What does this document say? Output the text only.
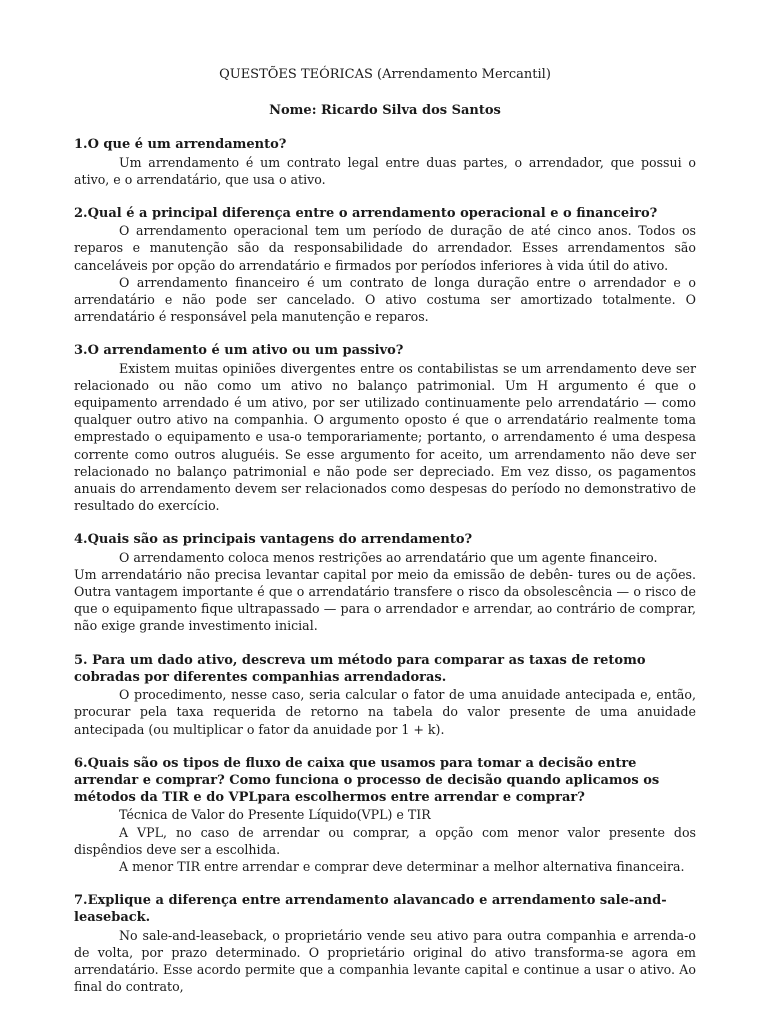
QUESTÕES TEÓRICAS (Arrendamento Mercantil)

Nome: Ricardo Silva dos Santos

1.O que é um arrendamento?

Um arrendamento é um contrato legal entre duas partes, o arrendador, que possui o ativo, e o arrendatário, que usa o ativo.

2.Qual é a principal diferença entre o arrendamento operacional e o financeiro?

O arrendamento operacional tem um período de duração de até cinco anos. Todos os reparos e manutenção são da responsabilidade do arrendador. Esses arrendamentos são canceláveis por opção do arrendatário e firmados por períodos inferiores à vida útil do ativo.

O arrendamento financeiro é um contrato de longa duração entre o arrendador e o arrendatário e não pode ser cancelado. O ativo costuma ser amortizado totalmente. O arrendatário é responsável pela manutenção e reparos.

3.O arrendamento é um ativo ou um passivo?

Existem muitas opiniões divergentes entre os contabilistas se um arrendamento deve ser relacionado ou não como um ativo no balanço patrimonial. Um H argumento é que o equipamento arrendado é um ativo, por ser utilizado continuamente pelo arrendatário — como qualquer outro ativo na companhia. O argumento oposto é que o arrendatário realmente toma emprestado o equipamento e usa-o temporariamente; portanto, o arrendamento é uma despesa corrente como outros aluguéis. Se esse argumento for aceito, um arrendamento não deve ser relacionado no balanço patrimonial e não pode ser depreciado. Em vez disso, os pagamentos anuais do arrendamento devem ser relacionados como despesas do período no demonstrativo de resultado do exercício.

4.Quais são as principais vantagens do arrendamento?

O arrendamento coloca menos restrições ao arrendatário que um agente financeiro.

Um arrendatário não precisa levantar capital por meio da emissão de debên- tures ou de ações. Outra vantagem importante é que o arrendatário transfere o risco da obsolescência — o risco de que o equipamento fique ultrapassado — para o arrendador e arrendar, ao contrário de comprar, não exige grande investimento inicial.

5. Para um dado ativo, descreva um método para comparar as taxas de retomo cobradas por diferentes companhias arrendadoras.

O procedimento, nesse caso, seria calcular o fator de uma anuidade antecipada e, então, procurar pela taxa requerida de retorno na tabela do valor presente de uma anuidade antecipada (ou multiplicar o fator da anuidade por 1 + k).

6.Quais são os tipos de fluxo de caixa que usamos para tomar a decisão entre arrendar e comprar? Como funciona o processo de decisão quando aplicamos os métodos da TIR e do VPLpara escolhermos entre arrendar e comprar?

Técnica de Valor do Presente Líquido(VPL) e TIR

A VPL, no caso de arrendar ou comprar, a opção com menor valor presente dos dispêndios deve ser a escolhida.

A menor TIR entre arrendar e comprar deve determinar a melhor alternativa financeira.

7.Explique a diferença entre arrendamento alavancado e arrendamento sale-and- leaseback.

No sale-and-leaseback, o proprietário vende seu ativo para outra companhia e arrenda-o de volta, por prazo determinado. O proprietário original do ativo transforma-se agora em arrendatário. Esse acordo permite que a companhia levante capital e continue a usar o ativo. Ao final do contrato,
